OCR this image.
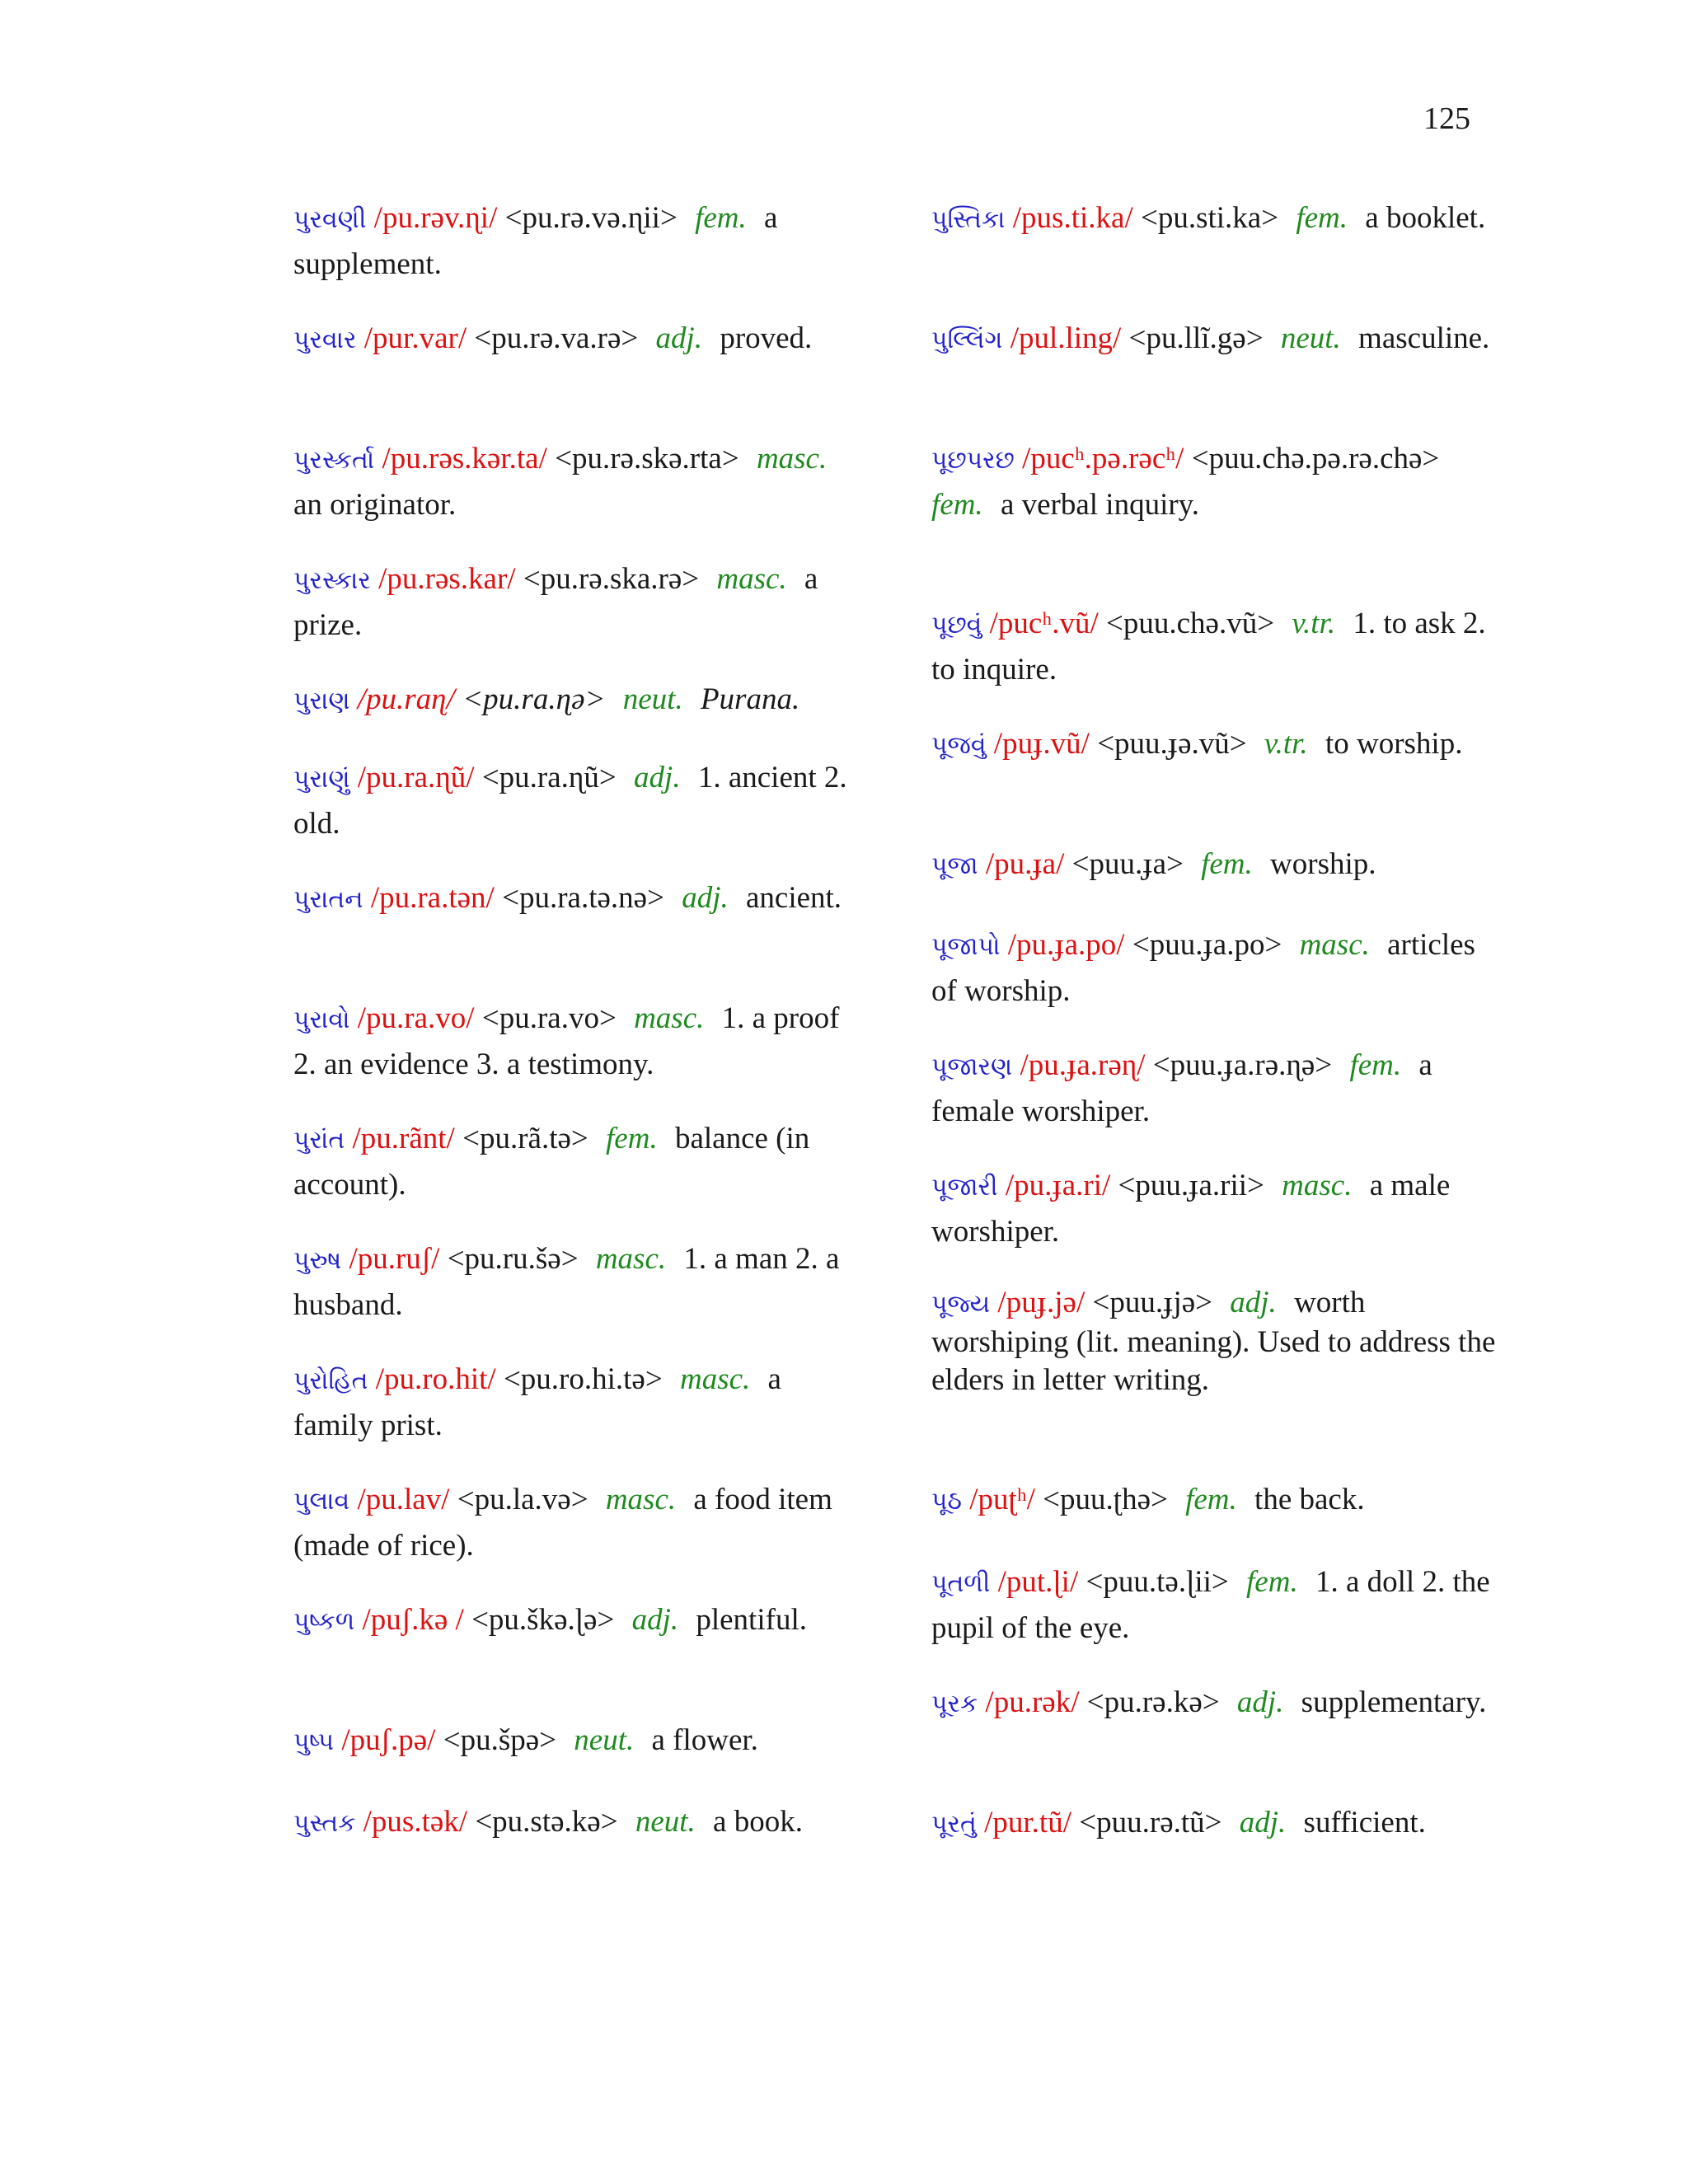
125
પુરવણી /pu.rəv.ɳi/ <pu.rə.və.ɳii> fem. a supplement.
પુરવાર /pur.var/ <pu.rə.va.rə> adj. proved.
પુરસ્કર્તા /pu.rəs.kər.ta/ <pu.rə.skə.rta> masc. an originator.
પુરસ્કાર /pu.rəs.kar/ <pu.rə.ska.rə> masc. a prize.
પુરાણ /pu.raɳ/ <pu.ra.ɳə> neut. Purana.
પુરાણું /pu.ra.ɳũ/ <pu.ra.ɳũ> adj. 1. ancient 2. old.
પુરાતન /pu.ra.tən/ <pu.ra.tə.nə> adj. ancient.
પુરાવો /pu.ra.vo/ <pu.ra.vo> masc. 1. a proof 2. an evidence 3. a testimony.
પુરાંત /pu.rãnt/ <pu.rã.tə> fem. balance (in account).
પુરુષ /pu.ruʃ/ <pu.ru.šə> masc. 1. a man 2. a husband.
પુરોહિત /pu.ro.hit/ <pu.ro.hi.tə> masc. a family prist.
પુલાવ /pu.lav/ <pu.la.və> masc. a food item (made of rice).
પુષ્કળ /puʃ.kə / <pu.škə.ɭə> adj. plentiful.
પુષ્પ /puʃ.pə/ <pu.špə> neut. a flower.
પુસ્તક /pus.tək/ <pu.stə.kə> neut. a book.
પુસ્તિકા /pus.ti.ka/ <pu.sti.ka> fem. a booklet.
પુલ્લિંગ /pul.ling/ <pu.llĩ.gə> neut. masculine.
પૂછપરછ /pucʰ.pə.rəcʰ/ <puu.chə.pə.rə.chə> fem. a verbal inquiry.
પૂછવું /pucʰ.vũ/ <puu.chə.vũ> v.tr. 1. to ask 2. to inquire.
પૂજવું /puɟ.vũ/ <puu.ɟə.vũ> v.tr. to worship.
પૂજા /pu.ɟa/ <puu.ɟa> fem. worship.
પૂજાપો /pu.ɟa.po/ <puu.ɟa.po> masc. articles of worship.
પૂજારણ /pu.ɟa.rəɳ/ <puu.ɟa.rə.ɳə> fem. a female worshiper.
પૂજારી /pu.ɟa.ri/ <puu.ɟa.rii> masc. a male worshiper.
પૂજ્ય /puɟ.jə/ <puu.ɟjə> adj. worth worshiping (lit. meaning). Used to address the elders in letter writing.
પૂઠ /puʈʰ/ <puu.ʈhə> fem. the back.
પૂતળી /put.ɭi/ <puu.tə.ɭii> fem. 1. a doll 2. the pupil of the eye.
પૂરક /pu.rək/ <pu.rə.kə> adj. supplementary.
પૂરતું /pur.tũ/ <puu.rə.tũ> adj. sufficient.
